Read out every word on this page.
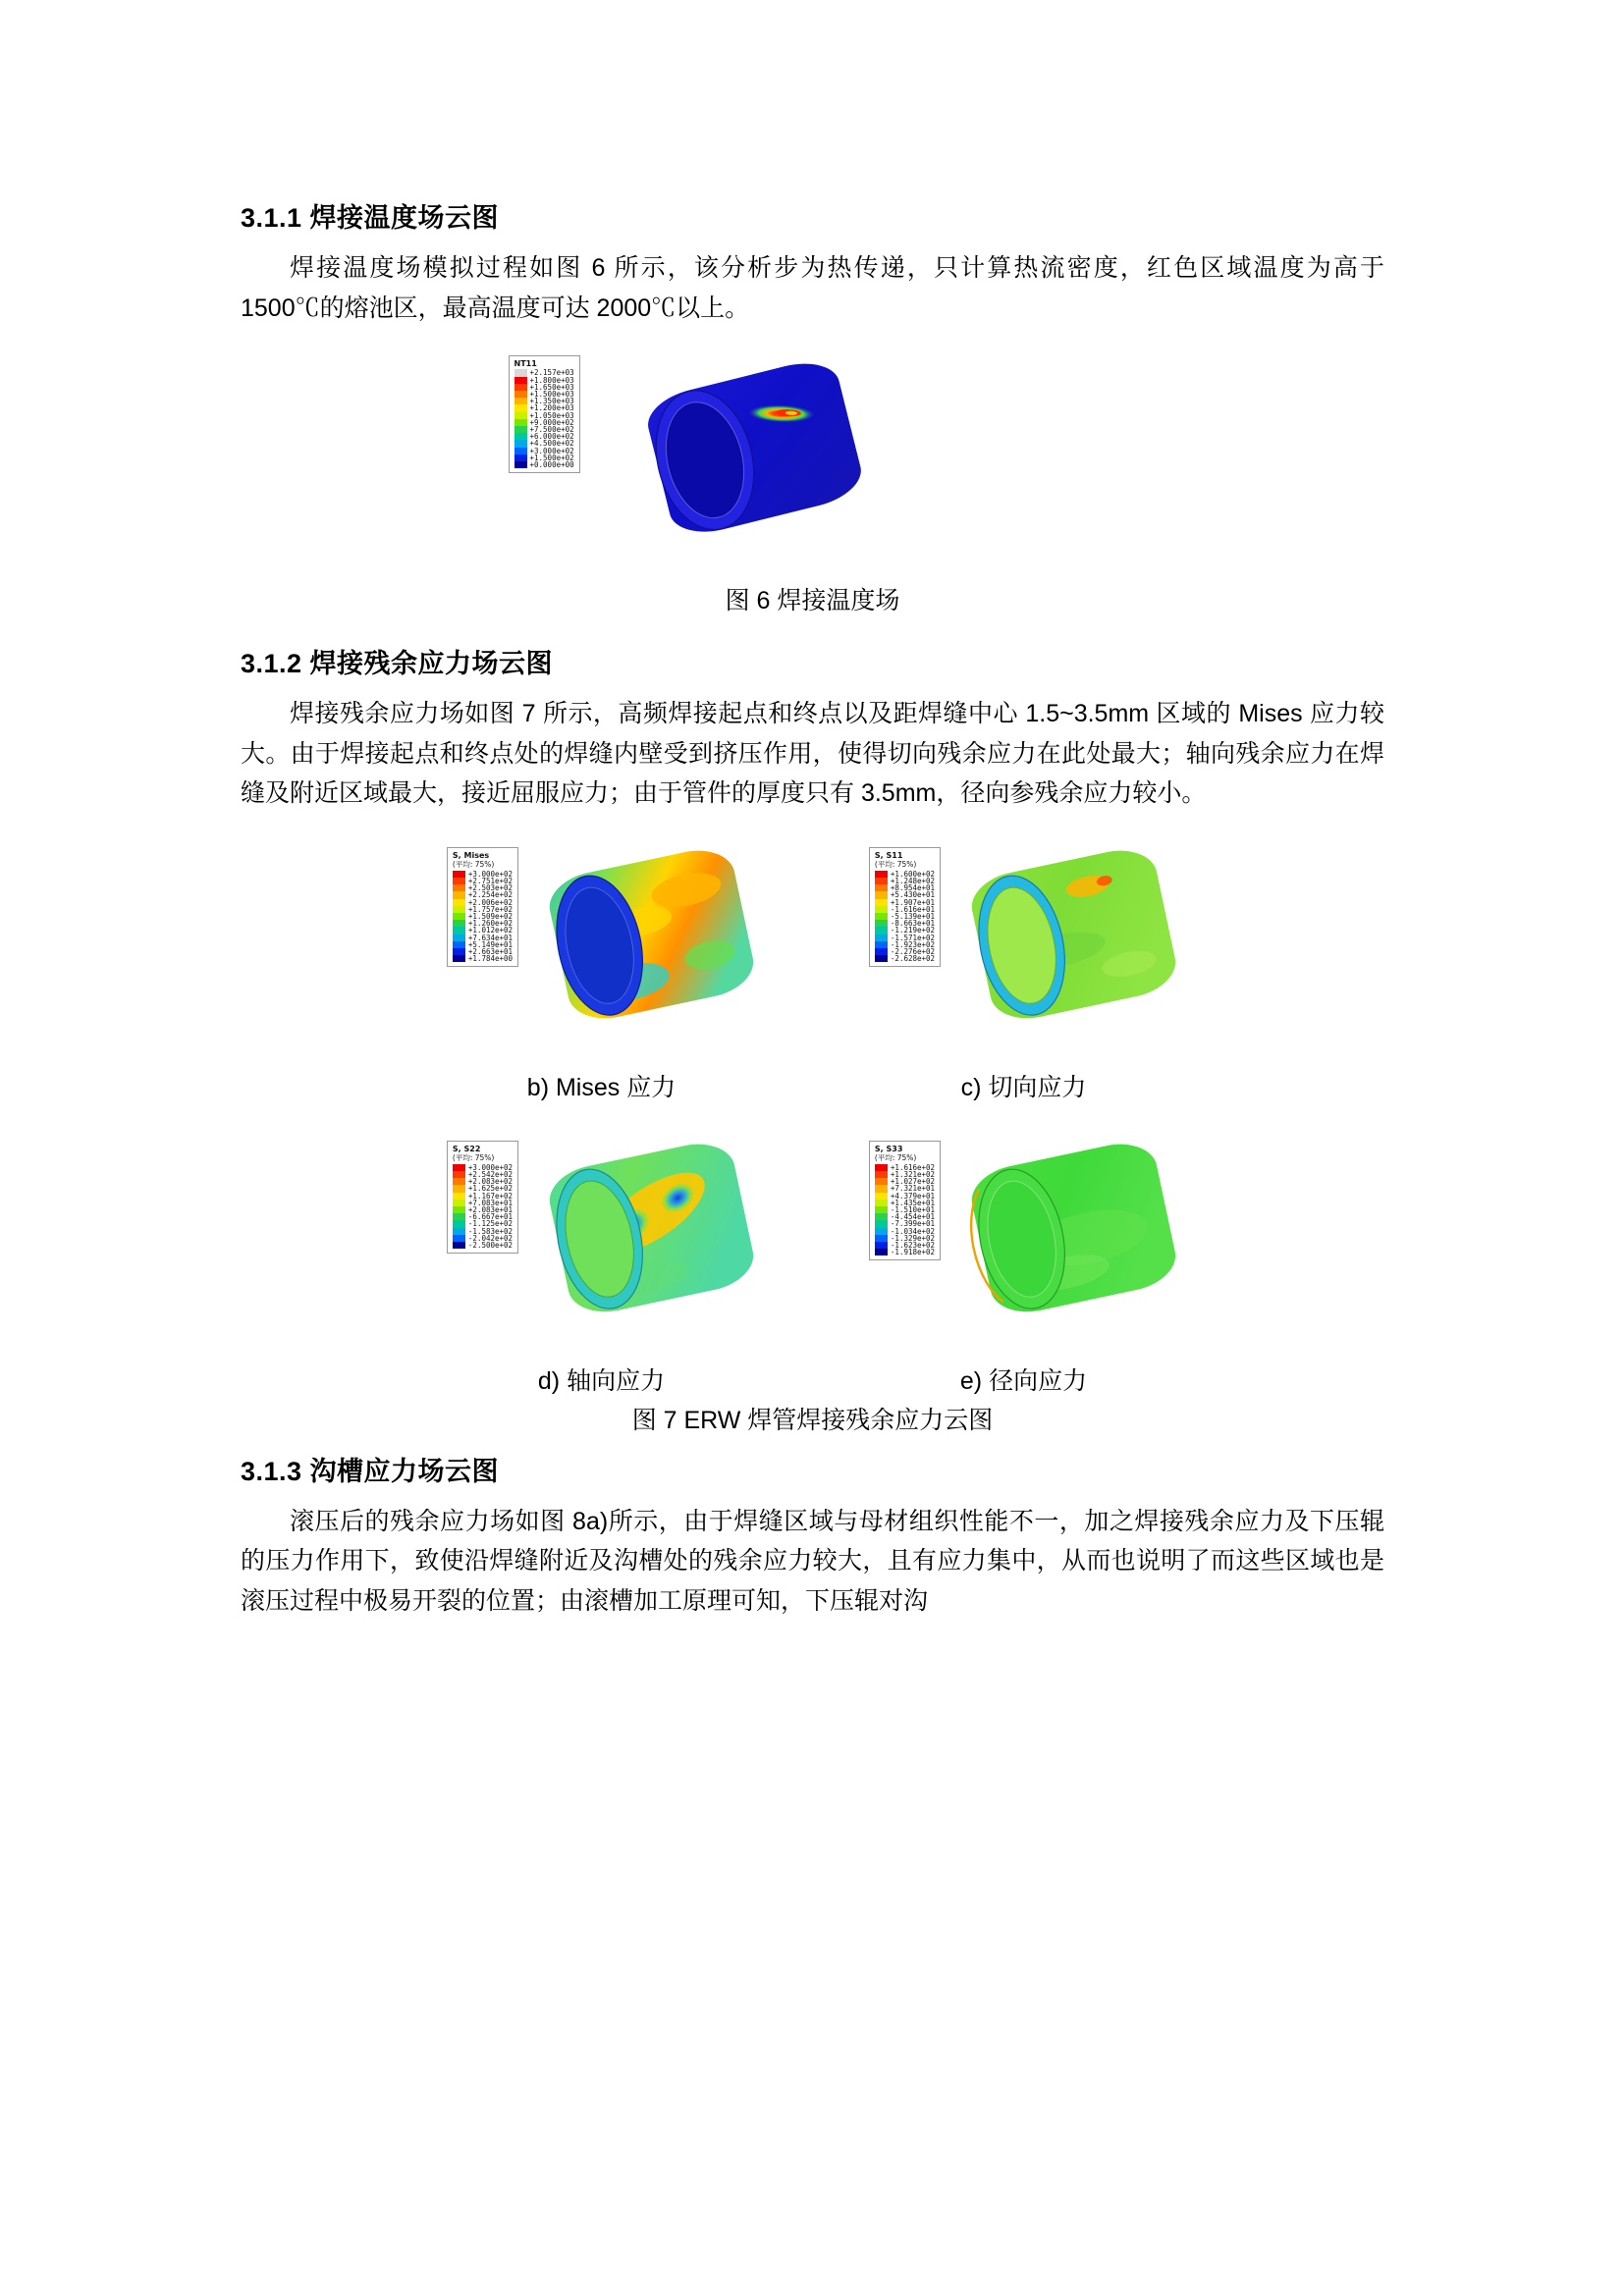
3.1.1 焊接温度场云图

焊接温度场模拟过程如图 6 所示，该分析步为热传递，只计算热流密度，红色区域温度为高于 1500℃的熔池区，最高温度可达 2000℃以上。

NT11
+2.157e+03
+1.800e+03
+1.650e+03
+1.500e+03
+1.350e+03
+1.200e+03
+1.050e+03
+9.000e+02
+7.500e+02
+6.000e+02
+4.500e+02
+3.000e+02
+1.500e+02
+0.000e+00
图 6 焊接温度场
3.1.2 焊接残余应力场云图

焊接残余应力场如图 7 所示，高频焊接起点和终点以及距焊缝中心 1.5~3.5mm 区域的 Mises 应力较大。由于焊接起点和终点处的焊缝内壁受到挤压作用，使得切向残余应力在此处最大；轴向残余应力在焊缝及附近区域最大，接近屈服应力；由于管件的厚度只有 3.5mm，径向参残余应力较小。

S, Mises
(平均: 75%)
+3.000e+02
+2.751e+02
+2.503e+02
+2.254e+02
+2.006e+02
+1.757e+02
+1.509e+02
+1.260e+02
+1.012e+02
+7.634e+01
+5.149e+01
+2.663e+01
+1.784e+00
S, S11
(平均: 75%)
+1.600e+02
+1.248e+02
+8.954e+01
+5.430e+01
+1.907e+01
-1.616e+01
-5.139e+01
-8.663e+01
-1.219e+02
-1.571e+02
-1.923e+02
-2.276e+02
-2.628e+02
b) Mises 应力	c) 切向应力
S, S22
(平均: 75%)
+3.000e+02
+2.542e+02
+2.083e+02
+1.625e+02
+1.167e+02
+7.083e+01
+2.083e+01
-6.667e+01
-1.125e+02
-1.583e+02
-2.042e+02
-2.500e+02
S, S33
(平均: 75%)
+1.616e+02
+1.321e+02
+1.027e+02
+7.321e+01
+4.379e+01
+1.435e+01
-1.510e+01
-4.454e+01
-7.399e+01
-1.034e+02
-1.329e+02
-1.623e+02
-1.918e+02
d) 轴向应力	e) 径向应力
图 7 ERW 焊管焊接残余应力云图
3.1.3 沟槽应力场云图

滚压后的残余应力场如图 8a)所示，由于焊缝区域与母材组织性能不一，加之焊接残余应力及下压辊的压力作用下，致使沿焊缝附近及沟槽处的残余应力较大，且有应力集中，从而也说明了而这些区域也是滚压过程中极易开裂的位置；由滚槽加工原理可知，下压辊对沟
